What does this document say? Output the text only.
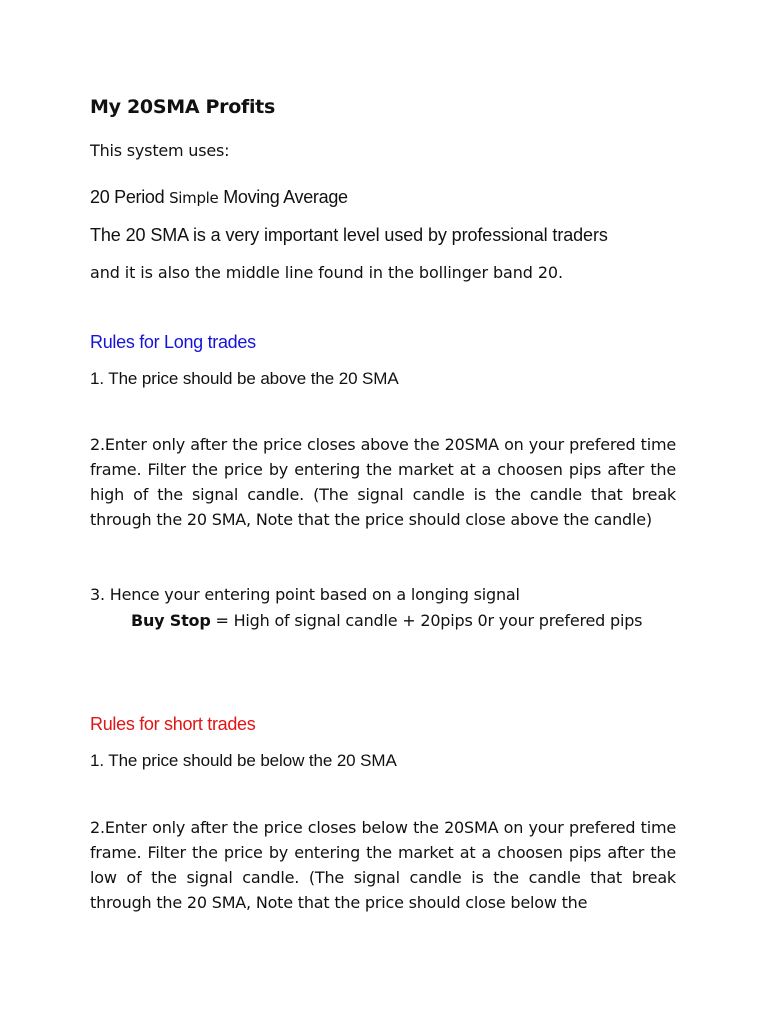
My 20SMA Profits
This system uses:
20 Period Simple Moving Average
The 20 SMA is a very important level used by professional traders
and it is also the middle line found in the bollinger band 20.
Rules for Long trades
1. The price should be above the 20 SMA
2.Enter only after the price closes above the 20SMA on your prefered time frame. Filter the price by entering the market at a choosen pips after the high of the signal candle. (The signal candle is the candle that break through the 20 SMA, Note that the price should close above the candle)
3. Hence your entering point based on a longing signal
Buy Stop = High of signal candle + 20pips 0r your prefered pips
Rules for short trades
1. The price should be below the 20 SMA
2.Enter only after the price closes below the 20SMA on your prefered time frame. Filter the price by entering the market at a choosen pips after the low of the signal candle. (The signal candle is the candle that break through the 20 SMA, Note that the price should close below the
